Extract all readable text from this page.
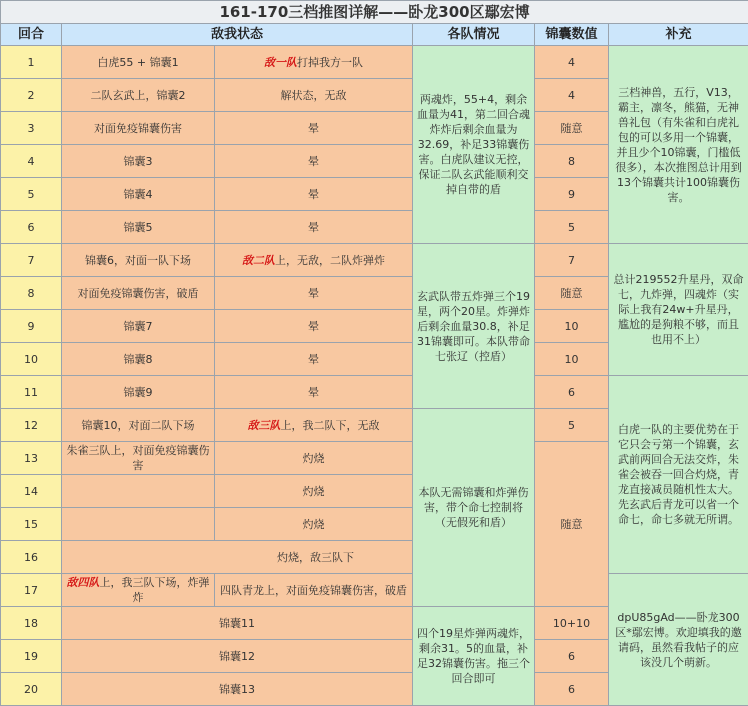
161-170三档推图详解——卧龙300区鄢宏博					
回合	敌我状态		各队情况	锦囊数值	补充
1	白虎55 + 锦囊1	敌一队打掉我方一队	两魂炸，55+4，剩余血量为41，第二回合魂炸炸后剩余血量为32.69，补足33锦囊伤害。白虎队建议无控，保证二队玄武能顺利交掉自带的盾	4	三档神兽，五行，V13，霸主，凛冬，熊猫，无神兽礼包（有朱雀和白虎礼包的可以多用一个锦囊，并且少个10锦囊，门槛低很多），本次推图总计用到13个锦囊共计100锦囊伤害。
2	二队玄武上，锦囊2	解状态，无敌		4	
3	对面免疫锦囊伤害	晕		随意	
4	锦囊3	晕		8	
5	锦囊4	晕		9	
6	锦囊5	晕		5	
7	锦囊6，对面一队下场	敌二队上，无敌，二队炸弹炸	玄武队带五炸弹三个19星，两个20星。炸弹炸后剩余血量30.8，补足31锦囊即可。本队带命七张辽（控盾）	7	总计219552升星丹，双命七，九炸弹，四魂炸（实际上我有24w+升星丹，尴尬的是狗粮不够，而且也用不上）
8	对面免疫锦囊伤害，破盾	晕		随意	
9	锦囊7	晕		10	
10	锦囊8	晕		10	
11	锦囊9	晕		6	白虎一队的主要优势在于它只会亏第一个锦囊，玄武前两回合无法交炸，朱雀会被吞一回合灼烧，青龙直接减员随机性太大。先玄武后青龙可以省一个命七，命七多就无所谓。
12	锦囊10，对面二队下场	敌三队上，我二队下，无敌	本队无需锦囊和炸弹伤害，带个命七控制将（无假死和盾）	5	
13	朱雀三队上，对面免疫锦囊伤害	灼烧		随意	
14		灼烧			
15		灼烧			
16	灼烧，敌三队下				
17	敌四队上，我三队下场，炸弹炸	四队青龙上，对面免疫锦囊伤害，破盾			dpU85gAd——卧龙300区*鄢宏博。欢迎填我的邀请码，虽然看我帖子的应该没几个萌新。
18	锦囊11		四个19星炸弹两魂炸，剩余31。5的血量，补足32锦囊伤害。拖三个回合即可	10+10	
19	锦囊12			6	
20	锦囊13			6	
